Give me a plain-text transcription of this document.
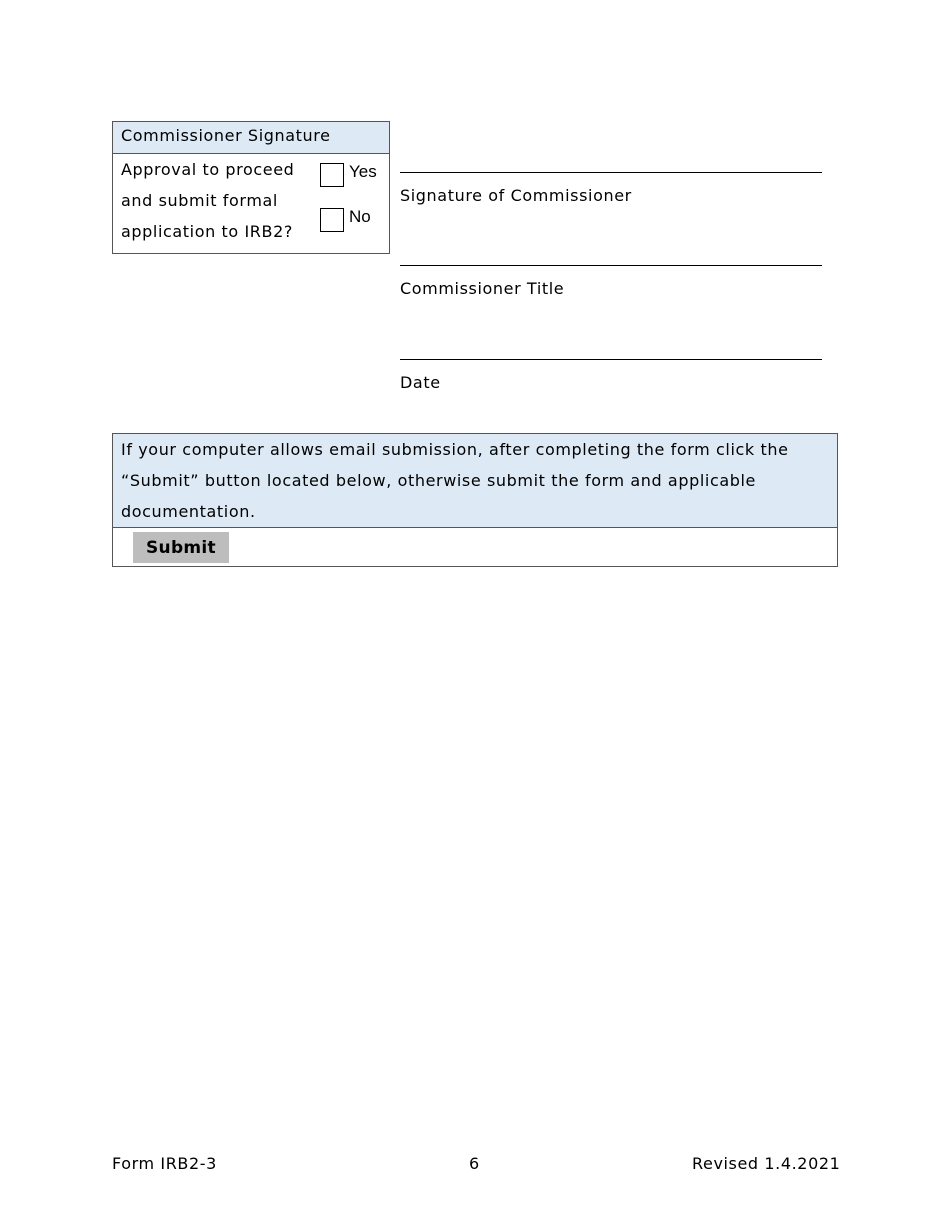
Commissioner Signature
Approval to proceed and submit formal application to IRB2?
Yes
No
Signature of Commissioner
Commissioner Title
Date
If your computer allows email submission, after completing the form click the “Submit” button located below, otherwise submit the form and applicable documentation.
Submit
Form IRB2-3	6	Revised 1.4.2021
